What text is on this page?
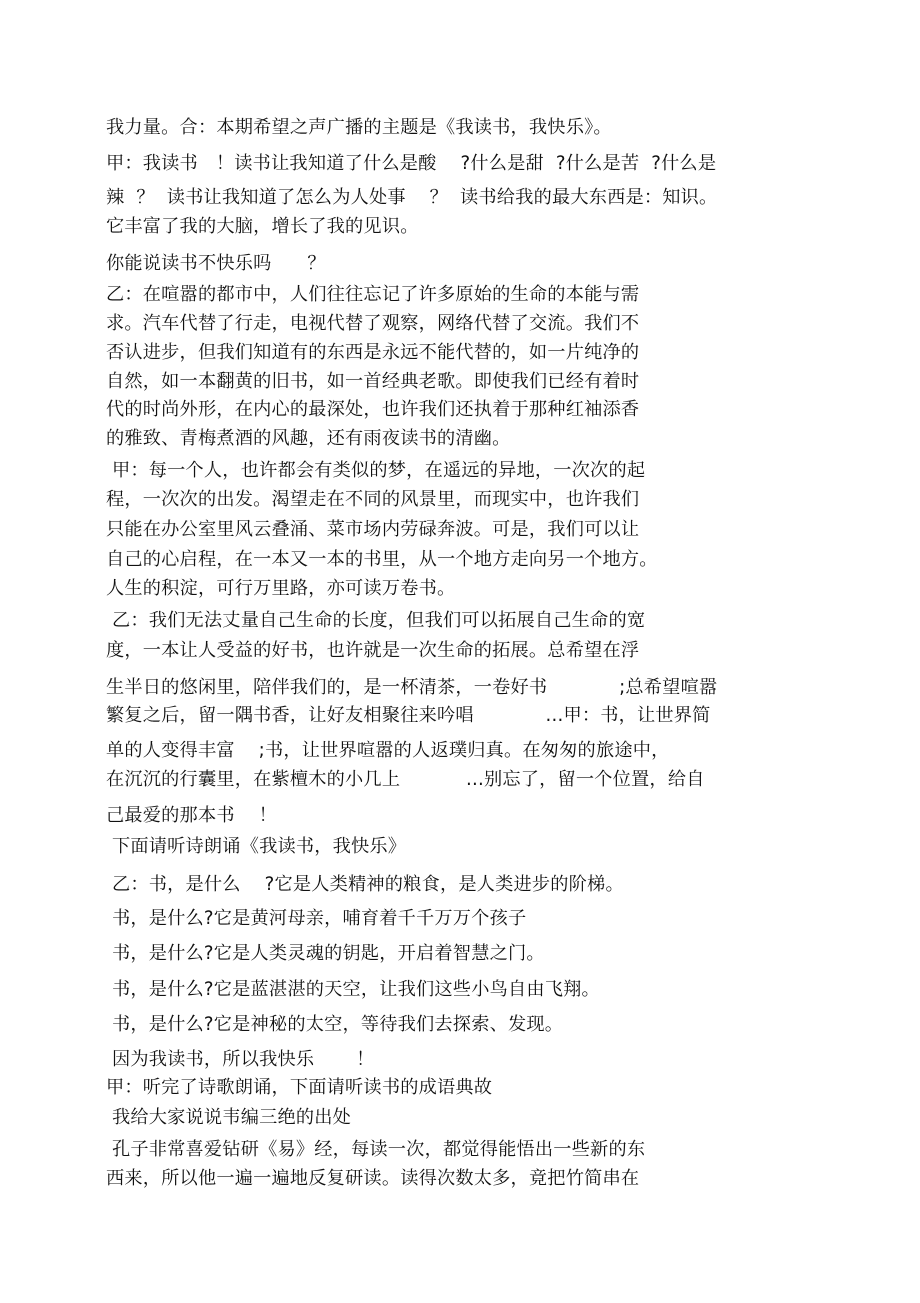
我力量。合：本期希望之声广播的主题是《我读书，我快乐》。
甲：我读书   ！读书让我知道了什么是酸    ?什么是甜  ?什么是苦  ?什么是
辣  ？  读书让我知道了怎么为人处事    ？  读书给我的最大东西是：知识。
它丰富了我的大脑，增长了我的见识。
你能说读书不快乐吗      ？
乙：在喧嚣的都市中，人们往往忘记了许多原始的生命的本能与需
求。汽车代替了行走，电视代替了观察，网络代替了交流。我们不
否认进步，但我们知道有的东西是永远不能代替的，如一片纯净的
自然，如一本翻黄的旧书，如一首经典老歌。即使我们已经有着时
代的时尚外形，在内心的最深处，也许我们还执着于那种红袖添香
的雅致、青梅煮酒的风趣，还有雨夜读书的清幽。
甲：每一个人，也许都会有类似的梦，在遥远的异地，一次次的起
程，一次次的出发。渴望走在不同的风景里，而现实中，也许我们
只能在办公室里风云叠涌、菜市场内劳碌奔波。可是，我们可以让
自己的心启程，在一本又一本的书里，从一个地方走向另一个地方。
人生的积淀，可行万里路，亦可读万卷书。
乙：我们无法丈量自己生命的长度，但我们可以拓展自己生命的宽
度，一本让人受益的好书，也许就是一次生命的拓展。总希望在浮
生半日的悠闲里，陪伴我们的，是一杯清茶，一卷好书            ;总希望喧嚣
繁复之后，留一隅书香，让好友相聚往来吟唱            ...甲：书，让世界简
单的人变得丰富    ;书，让世界喧嚣的人返璞归真。在匆匆的旅途中，
在沉沉的行囊里，在紫檀木的小几上           ...别忘了，留一个位置，给自
己最爱的那本书    ！
下面请听诗朗诵《我读书，我快乐》
乙：书，是什么    ?它是人类精神的粮食，是人类进步的阶梯。
书，是什么?它是黄河母亲，哺育着千千万万个孩子
书，是什么?它是人类灵魂的钥匙，开启着智慧之门。
书，是什么?它是蓝湛湛的天空，让我们这些小鸟自由飞翔。
书，是什么?它是神秘的太空，等待我们去探索、发现。
因为我读书，所以我快乐       ！
甲：听完了诗歌朗诵，下面请听读书的成语典故
我给大家说说韦编三绝的出处
孔子非常喜爱钻研《易》经，每读一次，都觉得能悟出一些新的东
西来，所以他一遍一遍地反复研读。读得次数太多，竟把竹简串在
